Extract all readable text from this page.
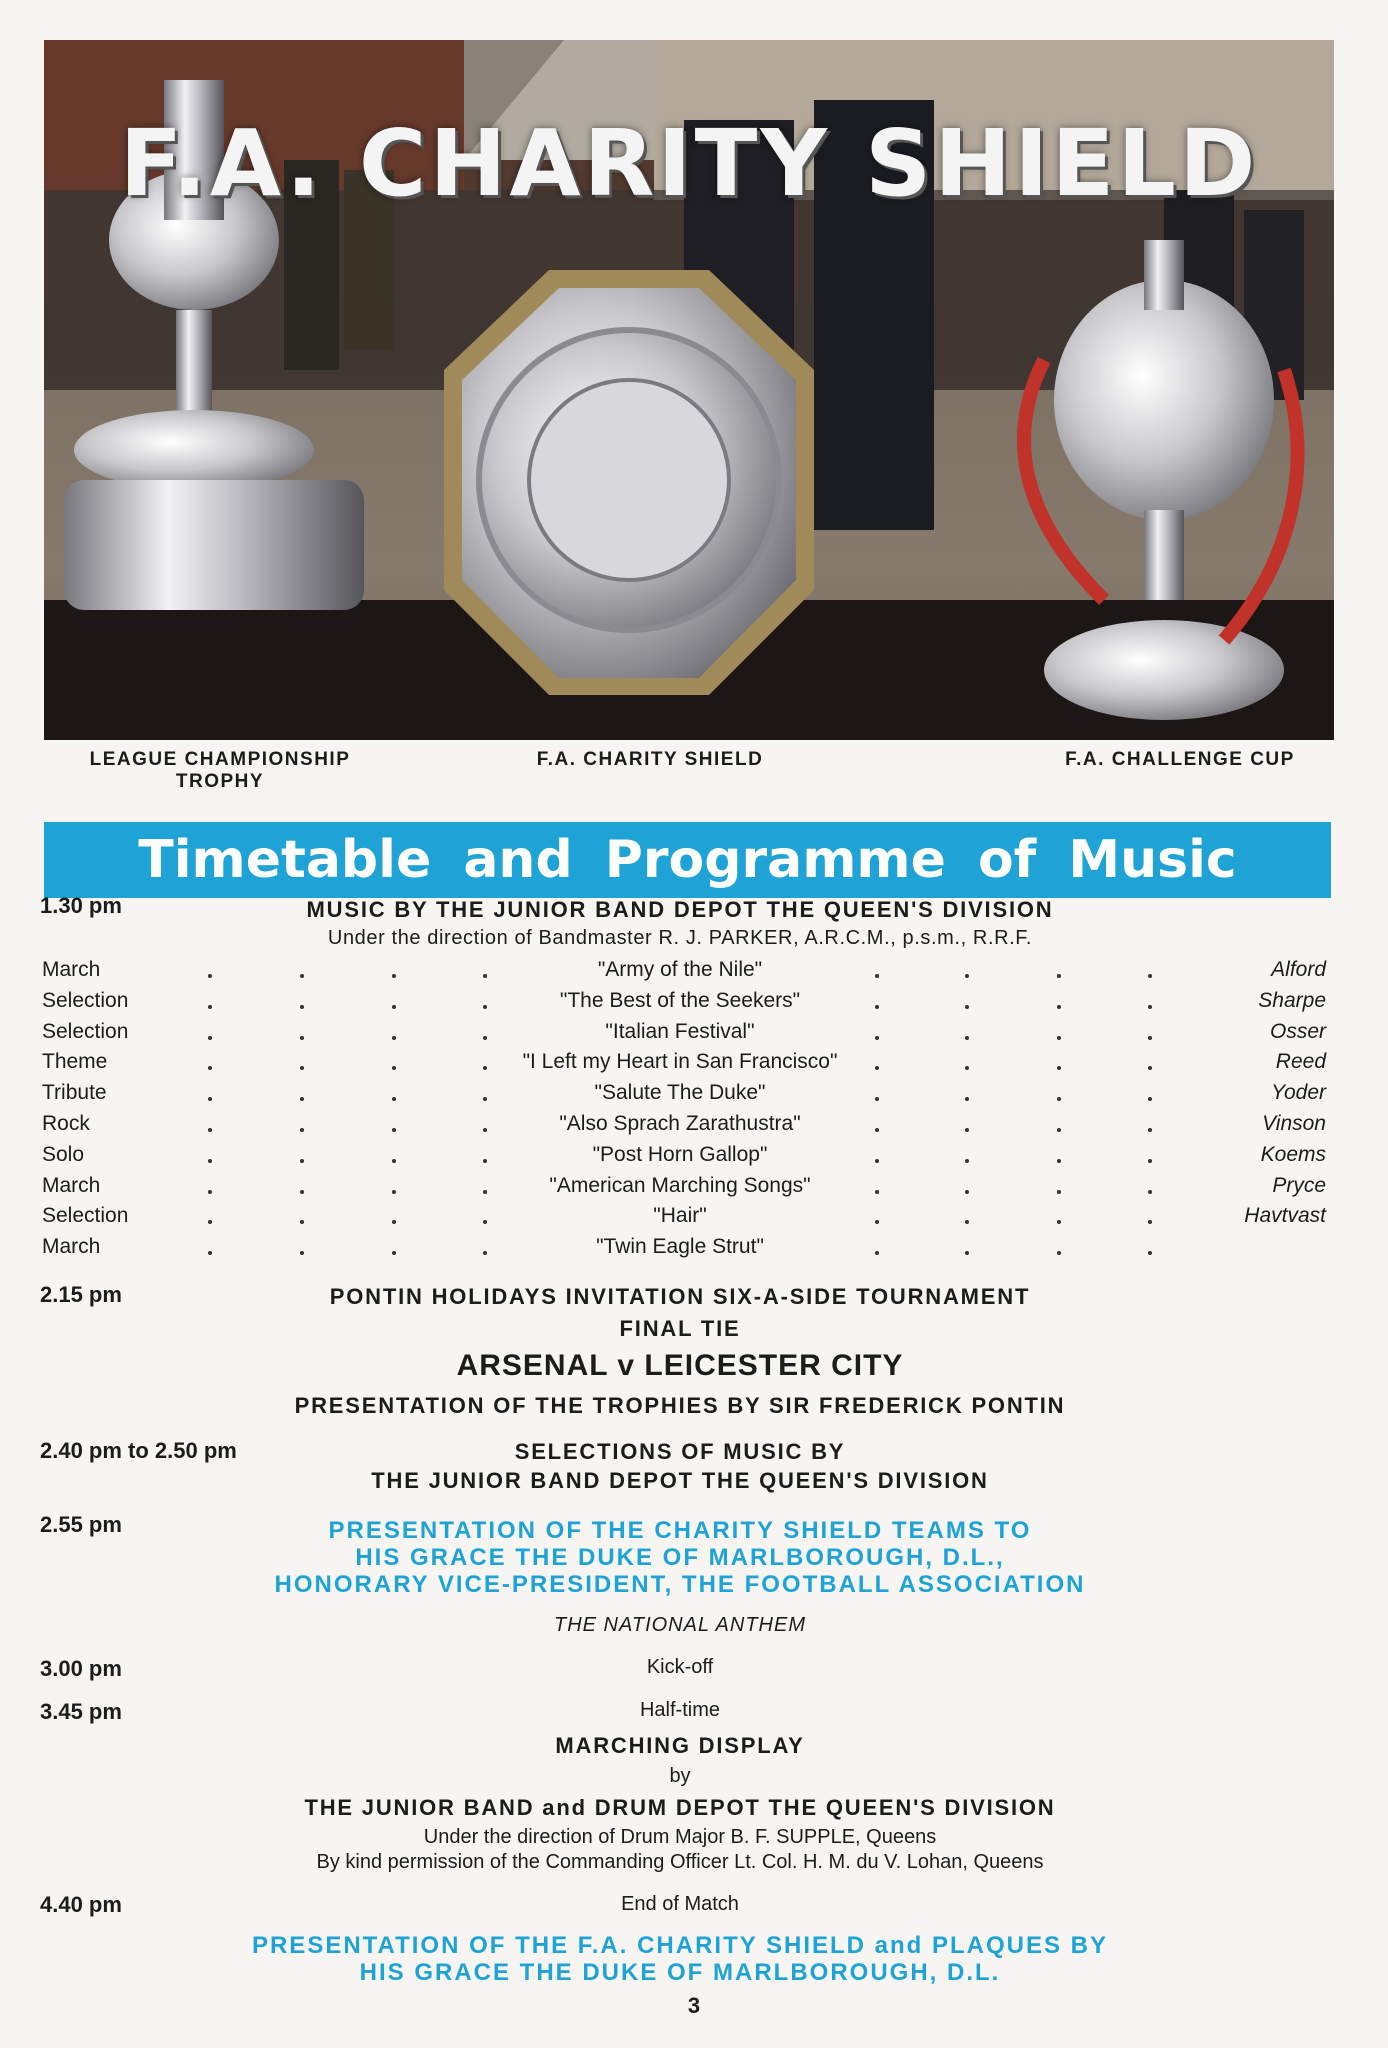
F.A. CHARITY SHIELD
LEAGUE CHAMPIONSHIP TROPHY
F.A. CHARITY SHIELD	F.A. CHALLENGE CUP
Timetable and Programme of Music
1.30 pm	MUSIC BY THE JUNIOR BAND DEPOT THE QUEEN'S DIVISION
Under the direction of Bandmaster R. J. PARKER, A.R.C.M., p.s.m., R.R.F.
March	"Army of the Nile"	Alford
Selection	"The Best of the Seekers"	Sharpe
Selection	"Italian Festival"	Osser
Theme	"I Left my Heart in San Francisco"	Reed
Tribute	"Salute The Duke"	Yoder
Rock	"Also Sprach Zarathustra"	Vinson
Solo	"Post Horn Gallop"	Koems
March	"American Marching Songs"	Pryce
Selection	"Hair"	Havtvast
March	"Twin Eagle Strut"
2.15 pm	PONTIN HOLIDAYS INVITATION SIX-A-SIDE TOURNAMENT
FINAL TIE
ARSENAL v LEICESTER CITY
PRESENTATION OF THE TROPHIES BY SIR FREDERICK PONTIN
2.40 pm to 2.50 pm	SELECTIONS OF MUSIC BY
THE JUNIOR BAND DEPOT THE QUEEN'S DIVISION
2.55 pm	PRESENTATION OF THE CHARITY SHIELD TEAMS TO
HIS GRACE THE DUKE OF MARLBOROUGH, D.L.,
HONORARY VICE-PRESIDENT, THE FOOTBALL ASSOCIATION
THE NATIONAL ANTHEM
3.00 pm	Kick-off
3.45 pm	Half-time
MARCHING DISPLAY
by
THE JUNIOR BAND and DRUM DEPOT THE QUEEN'S DIVISION
Under the direction of Drum Major B. F. SUPPLE, Queens
By kind permission of the Commanding Officer Lt. Col. H. M. du V. Lohan, Queens
4.40 pm	End of Match
PRESENTATION OF THE F.A. CHARITY SHIELD and PLAQUES BY
HIS GRACE THE DUKE OF MARLBOROUGH, D.L.
3
